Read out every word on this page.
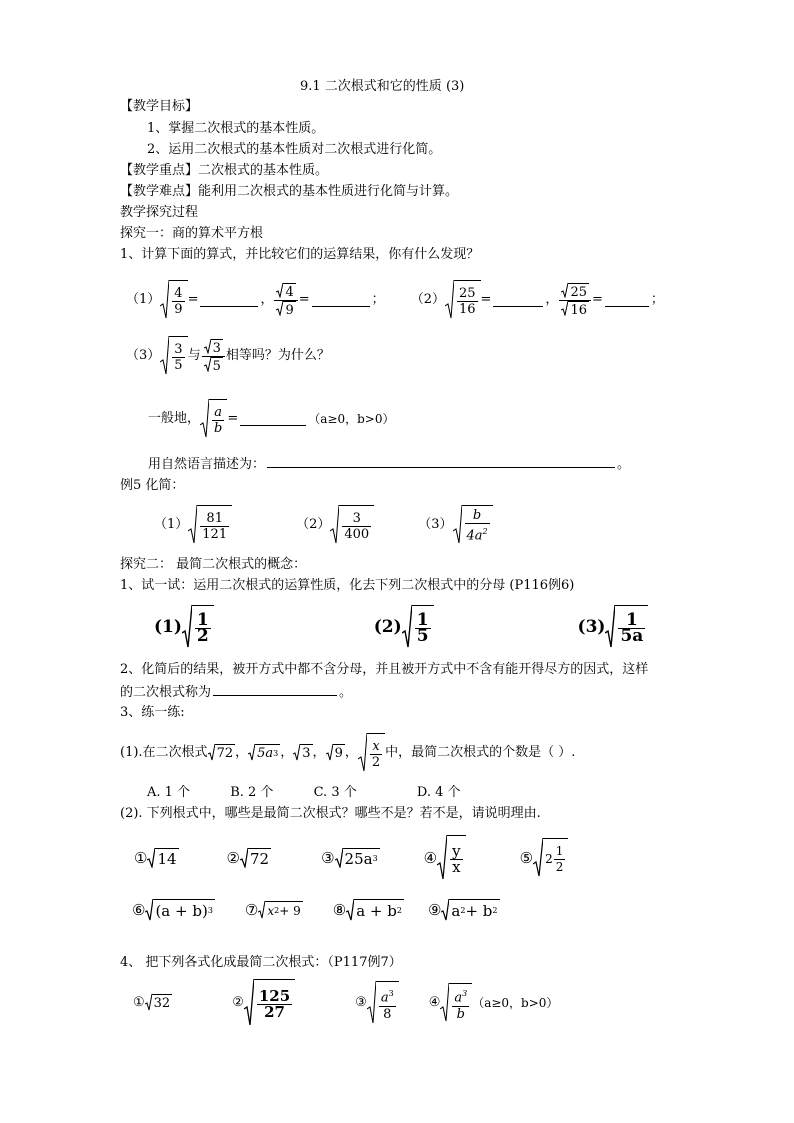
9.1 二次根式和它的性质 (3)
【教学目标】
1、掌握二次根式的基本性质。
2、运用二次根式的基本性质对二次根式进行化简。
【教学重点】二次根式的基本性质。
【教学难点】能利用二次根式的基本性质进行化简与计算。
教学探究过程
探究一：商的算术平方根
1、计算下面的算式，并比较它们的运算结果，你有什么发现？
（1） 4
9
=	， $\frac{4}{9}$ =	； （2） 25
16
=	， $\frac{25}{16}$ =	；
（3） 3
5
与 3
5
相等吗？为什么？
一般地， a
b
=	（a≥0，b>0）
用自然语言描述为：	。
例5 化简：
（1）	81
121
（2）	3
400
（3）
b
$4a^2$
探究二： 最简二次根式的概念：
1、试一试：运用二次根式的运算性质，化去下列二次根式中的分母 (P116例6)
(1) 1
2	(2) 1
5	(3)	1
5a
2、化简后的结果，被开方式中都不含分母，并且被开方式中不含有能开得尽方的因式，这样
的二次根式称为	。
3、练一练:
(1).在二次根式 72 ， 5a 3 ， 3 ， 9 ， x
2
中，最简二次根式的个数是（ ）.
A. 1 个	B. 2 个	C. 3 个	D. 4 个
(2). 下列根式中，哪些是最简二次根式？哪些不是？若不是，请说明理由.
① 14	② 72	③ 25a 3	④ y
x	⑤ 2
1
2
⑥ (a + b) 3 ⑦ x 2 + 9 ⑧ a + b 2 ⑨ a 2 + b 2
4、 把下列各式化成最简二次根式：（P117例7）
① 32	② 125
27	③ $a^3$
8
④ $a^3$
b
（a≥0，b>0）
